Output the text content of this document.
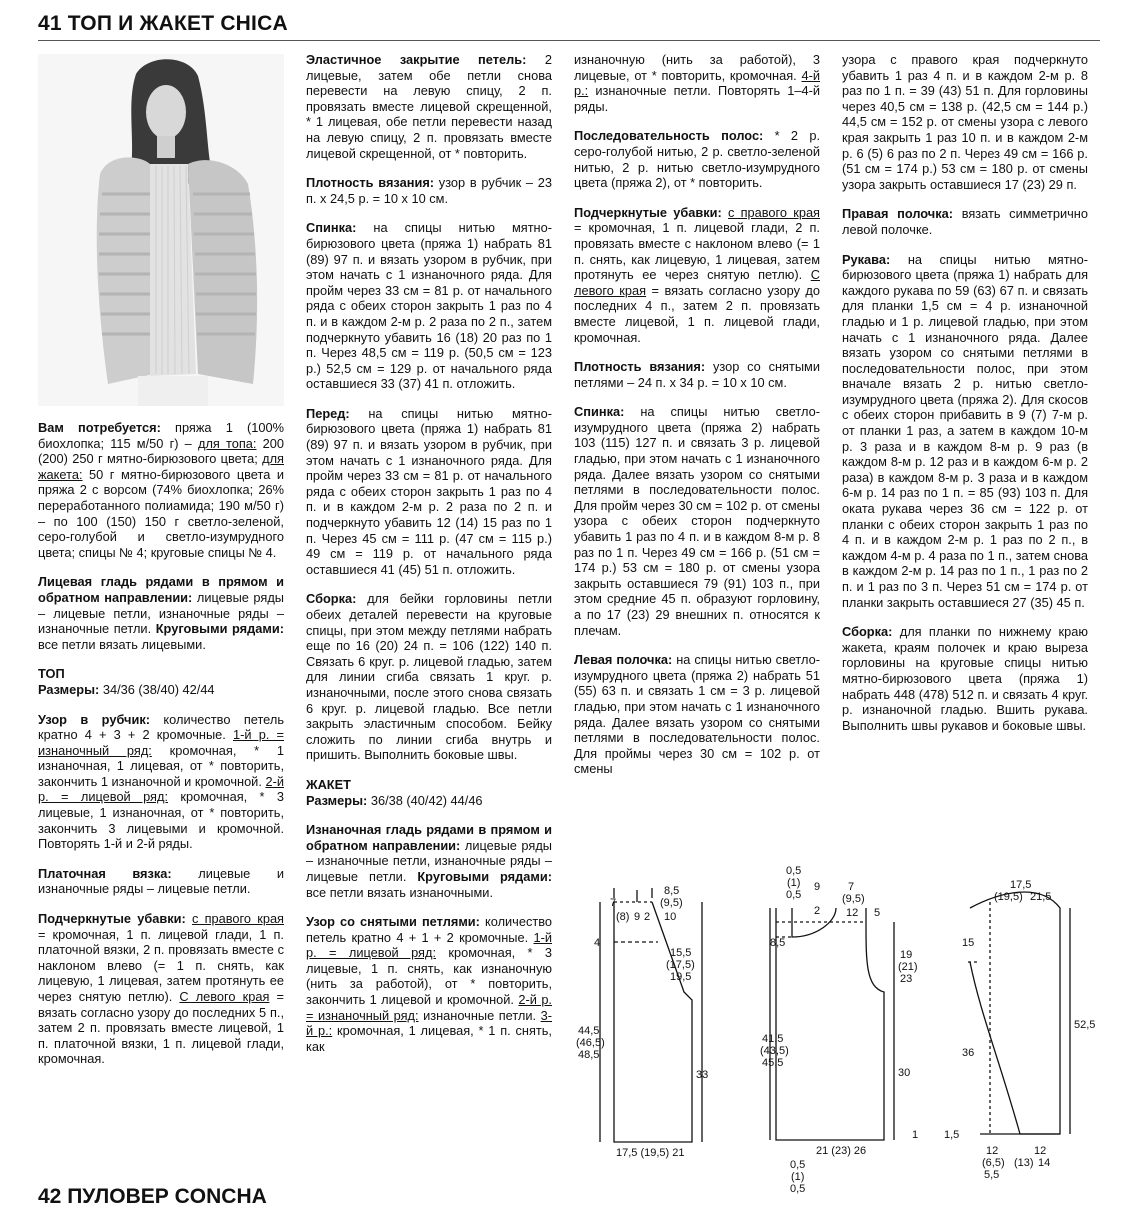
41 ТОП И ЖАКЕТ CHICA

Вам потребуется: пряжа 1 (100% биохлопка; 115 м/50 г) – для топа: 200 (200) 250 г мятно-бирюзового цвета; для жакета: 50 г мятно-бирюзового цвета и пряжа 2 с ворсом (74% биохлопка; 26% переработанного полиамида; 190 м/50 г) – по 100 (150) 150 г светло-зеленой, серо-голубой и светло-изумрудного цвета; спицы № 4; круговые спицы № 4.

Лицевая гладь рядами в прямом и обратном направлении: лицевые ряды – лицевые петли, изнаночные ряды – изнаночные петли. Круговыми рядами: все петли вязать лицевыми.

ТОП
Размеры: 34/36 (38/40) 42/44

Узор в рубчик: количество петель кратно 4 + 3 + 2 кромочные. 1-й р. = изнаночный ряд: кромочная, * 1 изнаночная, 1 лицевая, от * повторить, закончить 1 изнаночной и кромочной. 2-й р. = лицевой ряд: кромочная, * 3 лицевые, 1 изнаночная, от * повторить, закончить 3 лицевыми и кромочной. Повторять 1-й и 2-й ряды.

Платочная вязка: лицевые и изнаночные ряды – лицевые петли.

Подчеркнутые убавки: с правого края = кромочная, 1 п. лицевой глади, 1 п. платочной вязки, 2 п. провязать вместе с наклоном влево (= 1 п. снять, как лицевую, 1 лицевая, затем протянуть ее через снятую петлю). С левого края = вязать согласно узору до последних 5 п., затем 2 п. провязать вместе лицевой, 1 п. платочной вязки, 1 п. лицевой глади, кромочная.

Эластичное закрытие петель: 2 лицевые, затем обе петли снова перевести на левую спицу, 2 п. провязать вместе лицевой скрещенной, * 1 лицевая, обе петли перевести назад на левую спицу, 2 п. провязать вместе лицевой скрещенной, от * повторить.

Плотность вязания: узор в рубчик – 23 п. х 24,5 р. = 10 х 10 см.

Спинка: на спицы нитью мятно-бирюзового цвета (пряжа 1) набрать 81 (89) 97 п. и вязать узором в рубчик, при этом начать с 1 изнаночного ряда. Для пройм через 33 см = 81 р. от начального ряда с обеих сторон закрыть 1 раз по 4 п. и в каждом 2-м р. 2 раза по 2 п., затем подчеркнуто убавить 16 (18) 20 раз по 1 п. Через 48,5 см = 119 р. (50,5 см = 123 р.) 52,5 см = 129 р. от начального ряда оставшиеся 33 (37) 41 п. отложить.

Перед: на спицы нитью мятно-бирюзового цвета (пряжа 1) набрать 81 (89) 97 п. и вязать узором в рубчик, при этом начать с 1 изнаночного ряда. Для пройм через 33 см = 81 р. от начального ряда с обеих сторон закрыть 1 раз по 4 п. и в каждом 2-м р. 2 раза по 2 п. и подчеркнуто убавить 12 (14) 15 раз по 1 п. Через 45 см = 111 р. (47 см = 115 р.) 49 см = 119 р. от начального ряда оставшиеся 41 (45) 51 п. отложить.

Сборка: для бейки горловины петли обеих деталей перевести на круговые спицы, при этом между петлями набрать еще по 16 (20) 24 п. = 106 (122) 140 п. Связать 6 круг. р. лицевой гладью, затем для линии сгиба связать 1 круг. р. изнаночными, после этого снова связать 6 круг. р. лицевой гладью. Все петли закрыть эластичным способом. Бейку сложить по линии сгиба внутрь и пришить. Выполнить боковые швы.

ЖАКЕТ
Размеры: 36/38 (40/42) 44/46

Изнаночная гладь рядами в прямом и обратном направлении: лицевые ряды – изнаночные петли, изнаночные ряды – лицевые петли. Круговыми рядами: все петли вязать изнаночными.

Узор со снятыми петлями: количество петель кратно 4 + 1 + 2 кромочные. 1-й р. = лицевой ряд: кромочная, * 3 лицевые, 1 п. снять, как изнаночную (нить за работой), от * повторить, закончить 1 лицевой и кромочной. 2-й р. = изнаночный ряд: изнаночные петли. 3-й р.: кромочная, 1 лицевая, * 1 п. снять, как

изнаночную (нить за работой), 3 лицевые, от * повторить, кромочная. 4-й р.: изнаночные петли. Повторять 1–4-й ряды.

Последовательность полос: * 2 р. серо-голубой нитью, 2 р. светло-зеленой нитью, 2 р. нитью светло-изумрудного цвета (пряжа 2), от * повторить.

Подчеркнутые убавки: с правого края = кромочная, 1 п. лицевой глади, 2 п. провязать вместе с наклоном влево (= 1 п. снять, как лицевую, 1 лицевая, затем протянуть ее через снятую петлю). С левого края = вязать согласно узору до последних 4 п., затем 2 п. провязать вместе лицевой, 1 п. лицевой глади, кромочная.

Плотность вязания: узор со снятыми петлями – 24 п. х 34 р. = 10 х 10 см.

Спинка: на спицы нитью светло-изумрудного цвета (пряжа 2) набрать 103 (115) 127 п. и связать 3 р. лицевой гладью, при этом начать с 1 изнаночного ряда. Далее вязать узором со снятыми петлями в последовательности полос. Для пройм через 30 см = 102 р. от смены узора с обеих сторон подчеркнуто убавить 1 раз по 4 п. и в каждом 8-м р. 8 раз по 1 п. Через 49 см = 166 р. (51 см = 174 р.) 53 см = 180 р. от смены узора закрыть оставшиеся 79 (91) 103 п., при этом средние 45 п. образуют горловину, а по 17 (23) 29 внешних п. относятся к плечам.

Левая полочка: на спицы нитью светло-изумрудного цвета (пряжа 2) набрать 51 (55) 63 п. и связать 1 см = 3 р. лицевой гладью, при этом начать с 1 изнаночного ряда. Далее вязать узором со снятыми петлями в последовательности полос. Для проймы через 30 см = 102 р. от смены

узора с правого края подчеркнуто убавить 1 раз 4 п. и в каждом 2-м р. 8 раз по 1 п. = 39 (43) 51 п. Для горловины через 40,5 см = 138 р. (42,5 см = 144 р.) 44,5 см = 152 р. от смены узора с левого края закрыть 1 раз 10 п. и в каждом 2-м р. 6 (5) 6 раз по 2 п. Через 49 см = 166 р. (51 см = 174 р.) 53 см = 180 р. от смены узора закрыть оставшиеся 17 (23) 29 п.

Правая полочка: вязать симметрично левой полочке.

Рукава: на спицы нитью мятно-бирюзового цвета (пряжа 1) набрать для каждого рукава по 59 (63) 67 п. и связать для планки 1,5 см = 4 р. изнаночной гладью и 1 р. лицевой гладью, при этом начать с 1 изнаночного ряда. Далее вязать узором со снятыми петлями в последовательности полос, при этом вначале вязать 2 р. нитью светло-изумрудного цвета (пряжа 2). Для скосов с обеих сторон прибавить в 9 (7) 7-м р. от планки 1 раз, а затем в каждом 10-м р. 3 раза и в каждом 8-м р. 9 раз (в каждом 8-м р. 12 раз и в каждом 6-м р. 2 раза) в каждом 8-м р. 3 раза и в каждом 6-м р. 14 раз по 1 п. = 85 (93) 103 п. Для оката рукава через 36 см = 122 р. от планки с обеих сторон закрыть 1 раз по 4 п. и в каждом 2-м р. 1 раз по 2 п., в каждом 4-м р. 4 раза по 1 п., затем снова в каждом 2-м р. 14 раз по 1 п., 1 раз по 2 п. и 1 раз по 3 п. Через 51 см = 174 р. от планки закрыть оставшиеся 27 (35) 45 п.

Сборка: для планки по нижнему краю жакета, краям полочек и краю выреза горловины на круговые спицы нитью мятно-бирюзового цвета (пряжа 1) набрать 448 (478) 512 п. и связать 4 круг. р. изнаночной гладью. Вшить рукава. Выполнить швы рукавов и боковые швы.

7
(8) 9 2
8,5
(9,5)
10
4
15,5
(17,5)
19,5
44,5
(46,5)
48,5
33
17,5 (19,5) 21
0,5
(1)
0,5
9
2
7
(9,5)
12 5
8,5
19
(21)
23
41,5
(43,5)
45,5
30
1
21 (23) 26
0,5
(1)
0,5
17,5
(19,5) 21,5
15
52,5
36
1,5
12
(6,5)
5,5
12
(13) 14
42 ПУЛОВЕР CONCHA
